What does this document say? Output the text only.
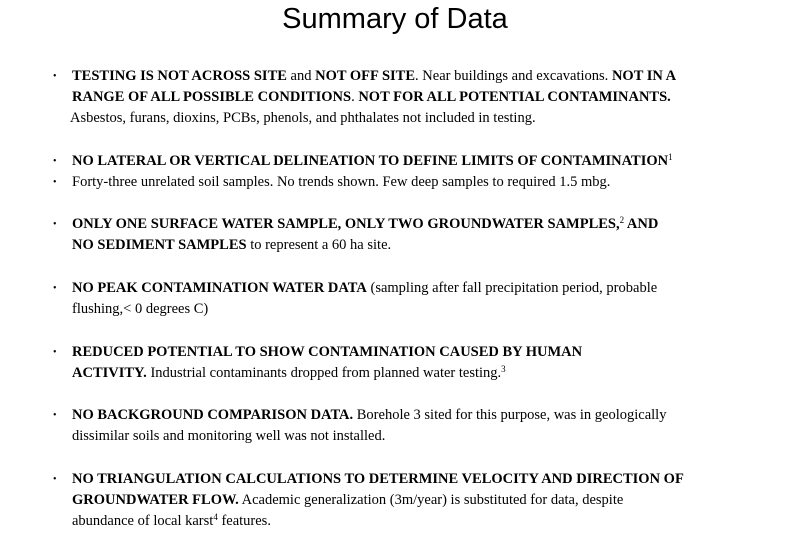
Summary of Data
• TESTING IS NOT ACROSS SITE and NOT OFF SITE. Near buildings and excavations. NOT IN A
RANGE OF ALL POSSIBLE CONDITIONS. NOT FOR ALL POTENTIAL CONTAMINANTS.
Asbestos, furans, dioxins, PCBs, phenols, and phthalates not included in testing.
• NO LATERAL OR VERTICAL DELINEATION TO DEFINE LIMITS OF CONTAMINATION$^1$
• Forty-three unrelated soil samples. No trends shown. Few deep samples to required 1.5 mbg.
• ONLY ONE SURFACE WATER SAMPLE, ONLY TWO GROUNDWATER SAMPLES,$^2$ AND
NO SEDIMENT SAMPLES to represent a 60 ha site.
• NO PEAK CONTAMINATION WATER DATA (sampling after fall precipitation period, probable
flushing,< 0 degrees C)
• REDUCED POTENTIAL TO SHOW CONTAMINATION CAUSED BY HUMAN
ACTIVITY. Industrial contaminants dropped from planned water testing.$^3$
• NO BACKGROUND COMPARISON DATA. Borehole 3 sited for this purpose, was in geologically
dissimilar soils and monitoring well was not installed.
• NO TRIANGULATION CALCULATIONS TO DETERMINE VELOCITY AND DIRECTION OF
GROUNDWATER FLOW. Academic generalization (3m/year) is substituted for data, despite
abundance of local karst$^4$ features.
